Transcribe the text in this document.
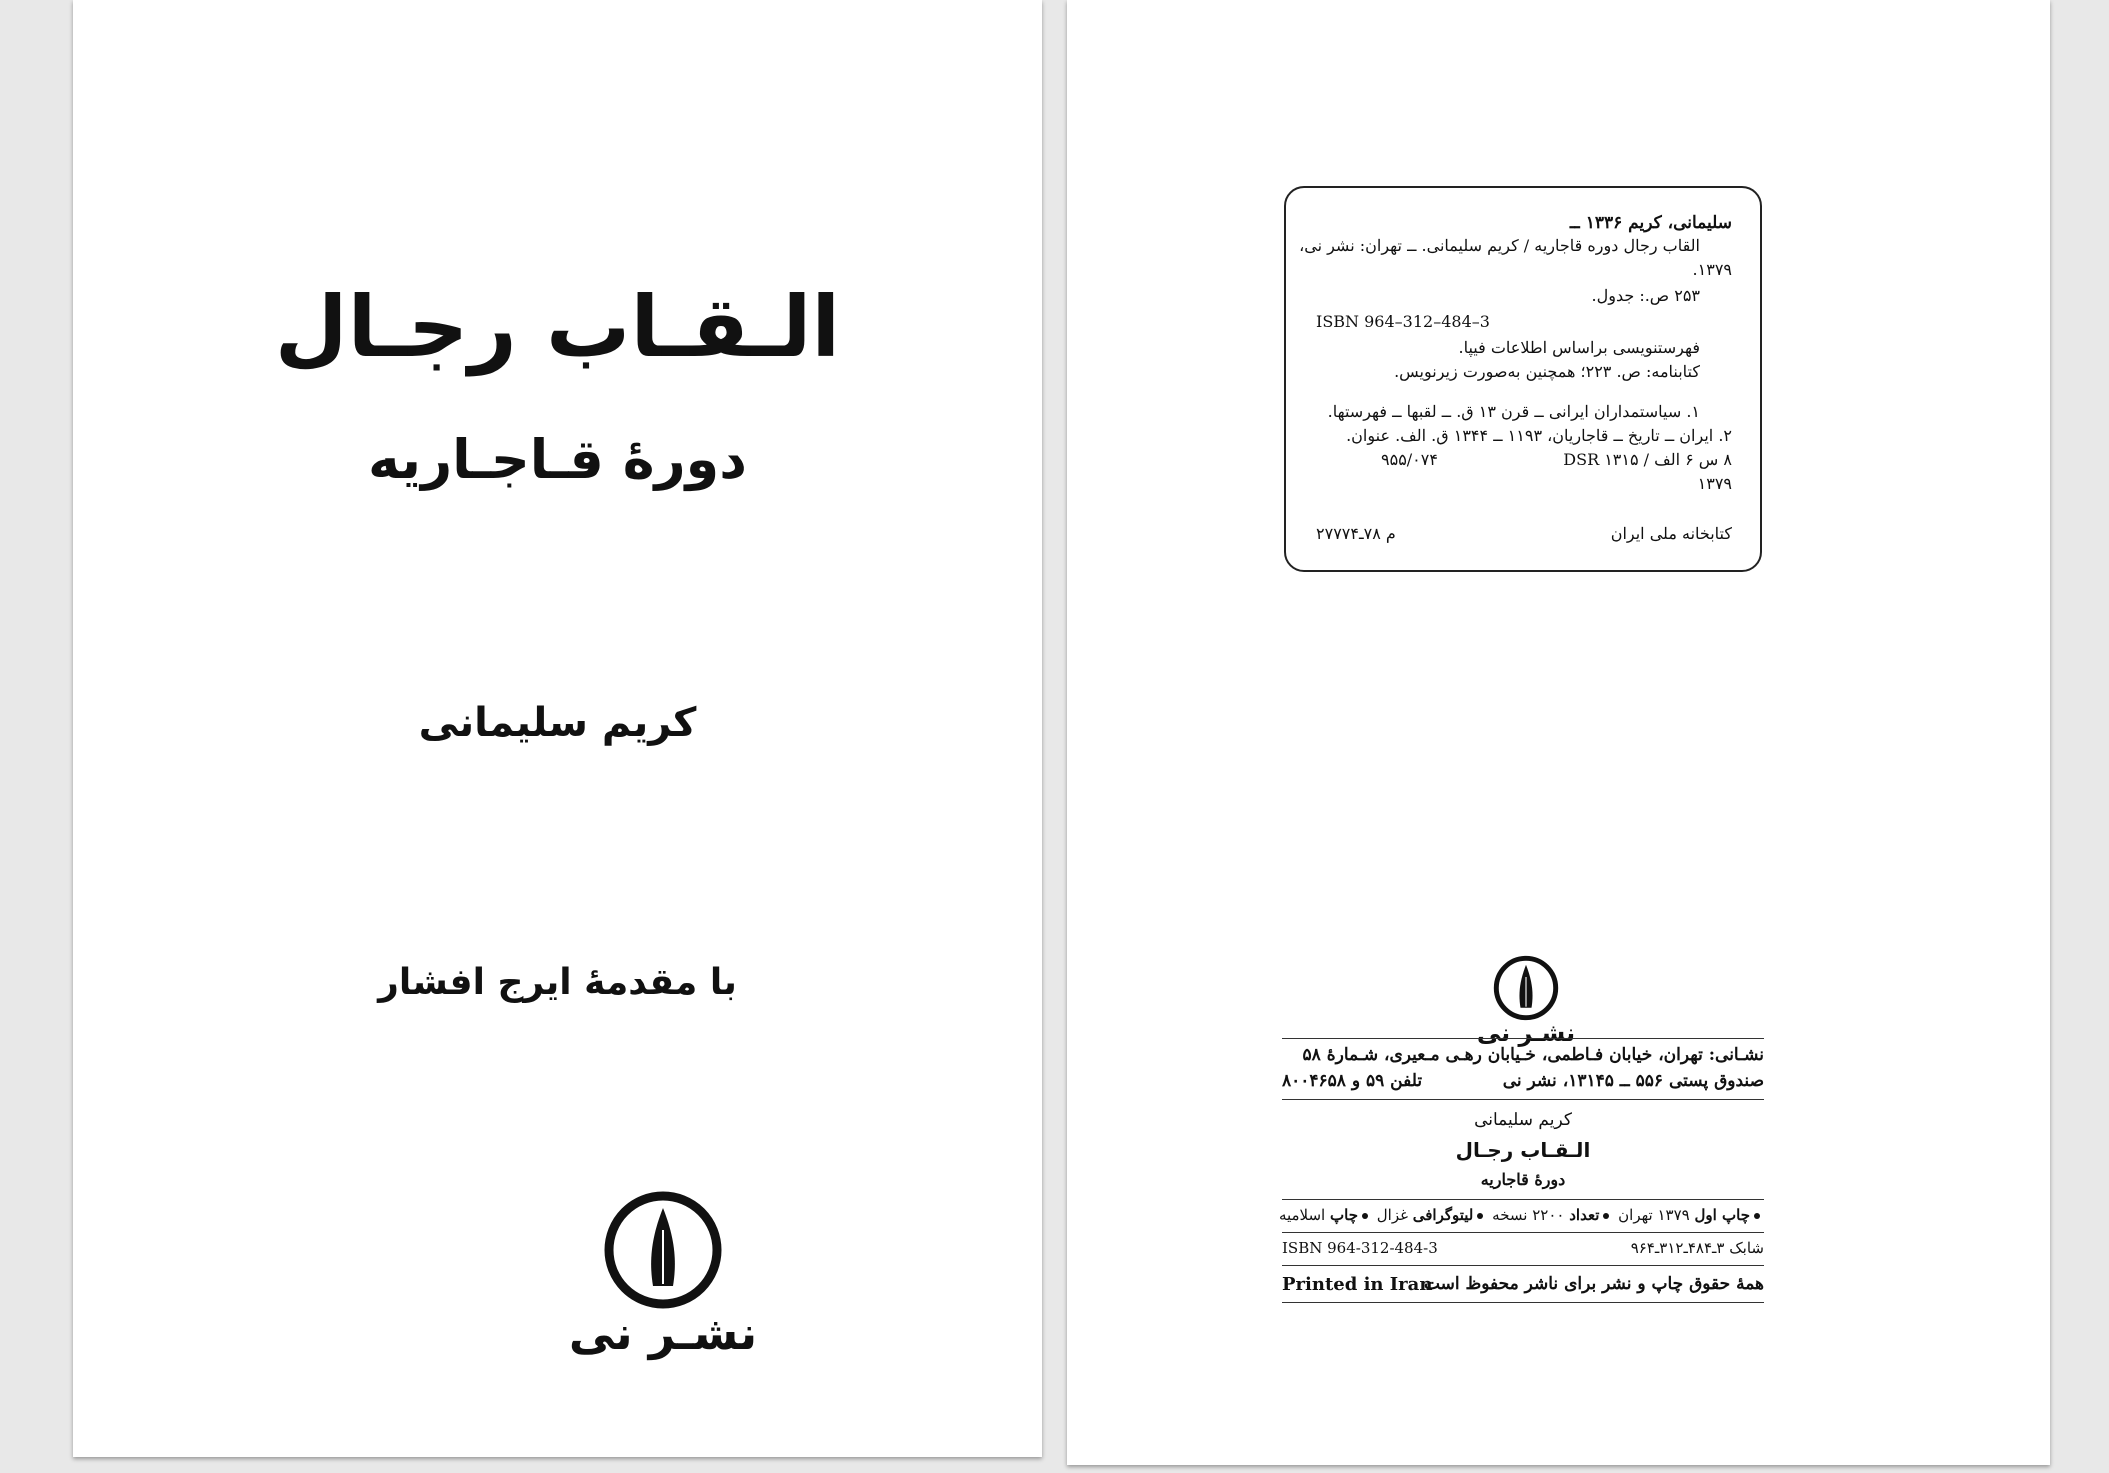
الـقـاب رجـال
دورهٔ قـاجـاریه
کریم سلیمانی
با مقدمهٔ ایرج افشار
نشـر نی
سلیمانی، کریم ۱۳۳۶ ــ
القاب رجال دوره قاجاریه / کریم سلیمانی. ــ تهران: نشر نی،
۱۳۷۹.
۲۵۳ ص.: جدول.
ISBN 964–312–484–3
فهرستنویسی براساس اطلاعات فیپا.
کتابنامه: ص. ۲۲۳؛ همچنین به‌صورت زیرنویس.
۱. سیاستمداران ایرانی ــ قرن ۱۳ ق. ــ لقبها ــ فهرستها.
۲. ایران ــ تاریخ ــ قاجاریان، ۱۱۹۳ ــ ۱۳۴۴ ق. الف. عنوان.
۸ س ۶ الف / DSR ۱۳۱۵
۹۵۵/۰۷۴
۱۳۷۹
کتابخانه ملی ایران
م ۷۸ـ۲۷۷۷۴
نشـر نی
نشـانی: تهران، خیابان فـاطمی، خـیابان رهـی مـعیری، شـمارهٔ ۵۸
صندوق پستی ۵۵۶ ــ ۱۳۱۴۵، نشر نی
تلفن ۵۹ و ۸۰۰۴۶۵۸
کریم سلیمانی
الـقـاب رجـال
دورهٔ قاجاریه
چاپ اول ۱۳۷۹ تهران تعداد ۲۲۰۰ نسخه لیتوگرافی غزال چاپ اسلامیه
شابک ۳ـ۴۸۴ـ۳۱۲ـ۹۶۴
ISBN 964-312-484-3
همهٔ حقوق چاپ و نشر برای ناشر محفوظ است
Printed in Iran
